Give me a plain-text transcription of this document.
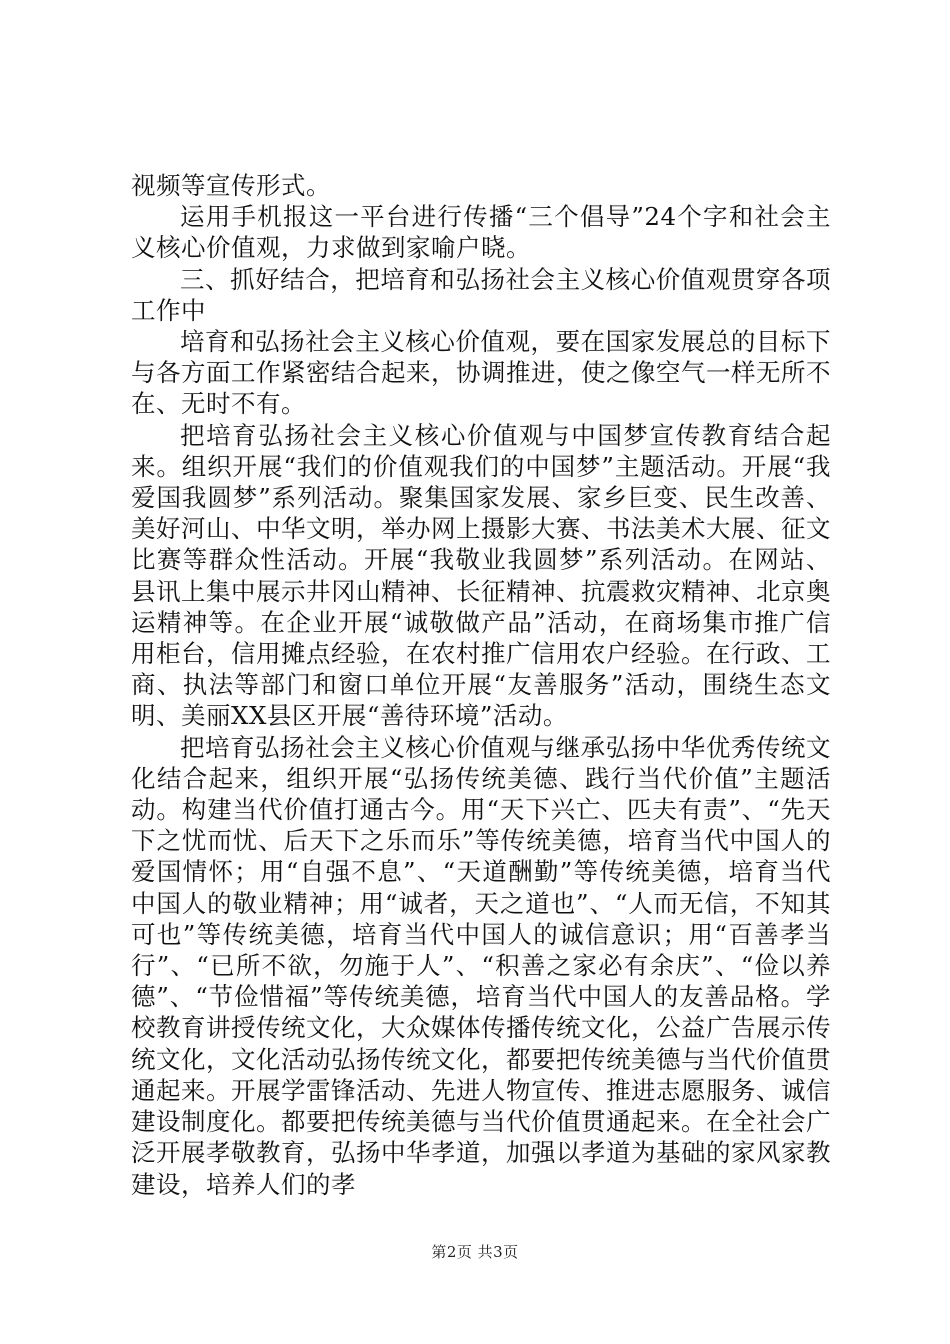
视频等宣传形式。

运用手机报这一平台进行传播“三个倡导”24个字和社会主义核心价值观，力求做到家喻户晓。

三、抓好结合，把培育和弘扬社会主义核心价值观贯穿各项工作中

培育和弘扬社会主义核心价值观，要在国家发展总的目标下与各方面工作紧密结合起来，协调推进，使之像空气一样无所不在、无时不有。

把培育弘扬社会主义核心价值观与中国梦宣传教育结合起来。组织开展“我们的价值观我们的中国梦”主题活动。开展“我爱国我圆梦”系列活动。聚集国家发展、家乡巨变、民生改善、美好河山、中华文明，举办网上摄影大赛、书法美术大展、征文比赛等群众性活动。开展“我敬业我圆梦”系列活动。在网站、县讯上集中展示井冈山精神、长征精神、抗震救灾精神、北京奥运精神等。在企业开展“诚敬做产品”活动，在商场集市推广信用柜台，信用摊点经验，在农村推广信用农户经验。在行政、工商、执法等部门和窗口单位开展“友善服务”活动，围绕生态文明、美丽XX县区开展“善待环境”活动。

把培育弘扬社会主义核心价值观与继承弘扬中华优秀传统文化结合起来，组织开展“弘扬传统美德、践行当代价值”主题活动。构建当代价值打通古今。用“天下兴亡、匹夫有责”、“先天下之忧而忧、后天下之乐而乐”等传统美德，培育当代中国人的爱国情怀；用“自强不息”、“天道酬勤”等传统美德，培育当代中国人的敬业精神；用“诚者，天之道也”、“人而无信，不知其可也”等传统美德，培育当代中国人的诚信意识；用“百善孝当行”、“已所不欲，勿施于人”、“积善之家必有余庆”、“俭以养德”、“节俭惜福”等传统美德，培育当代中国人的友善品格。学校教育讲授传统文化，大众媒体传播传统文化，公益广告展示传统文化，文化活动弘扬传统文化，都要把传统美德与当代价值贯通起来。开展学雷锋活动、先进人物宣传、推进志愿服务、诚信建设制度化。都要把传统美德与当代价值贯通起来。在全社会广泛开展孝敬教育，弘扬中华孝道，加强以孝道为基础的家风家教建设，培养人们的孝

第2页 共3页
